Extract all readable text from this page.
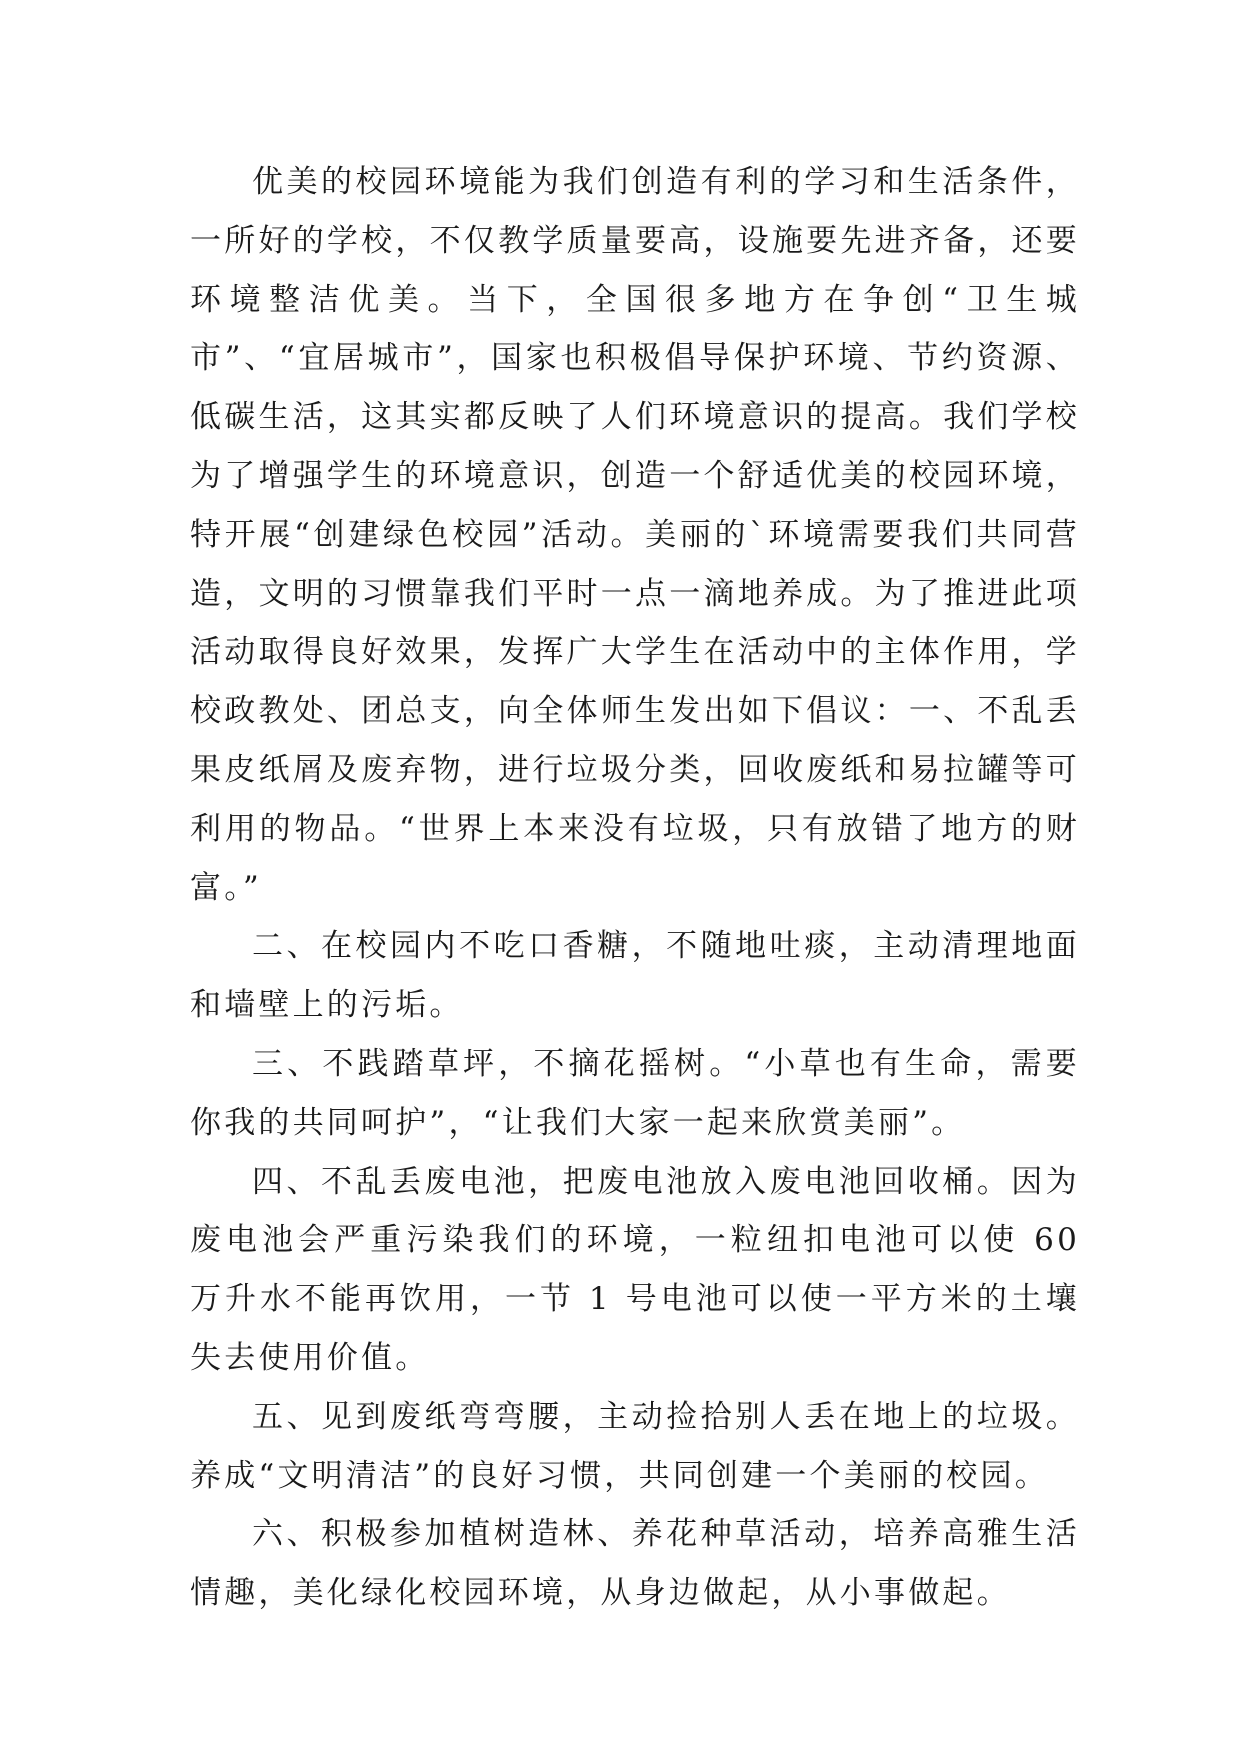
优美的校园环境能为我们创造有利的学习和生活条件，一所好的学校，不仅教学质量要高，设施要先进齐备，还要环境整洁优美。当下，全国很多地方在争创“卫生城市”、“宜居城市”，国家也积极倡导保护环境、节约资源、低碳生活，这其实都反映了人们环境意识的提高。我们学校为了增强学生的环境意识，创造一个舒适优美的校园环境，特开展“创建绿色校园”活动。美丽的`环境需要我们共同营造，文明的习惯靠我们平时一点一滴地养成。为了推进此项活动取得良好效果，发挥广大学生在活动中的主体作用，学校政教处、团总支，向全体师生发出如下倡议：一、不乱丢果皮纸屑及废弃物，进行垃圾分类，回收废纸和易拉罐等可利用的物品。“世界上本来没有垃圾，只有放错了地方的财富。”

二、在校园内不吃口香糖，不随地吐痰，主动清理地面和墙壁上的污垢。

三、不践踏草坪，不摘花摇树。“小草也有生命，需要你我的共同呵护”，“让我们大家一起来欣赏美丽”。

四、不乱丢废电池，把废电池放入废电池回收桶。因为废电池会严重污染我们的环境，一粒纽扣电池可以使 60 万升水不能再饮用，一节 1 号电池可以使一平方米的土壤失去使用价值。

五、见到废纸弯弯腰，主动捡拾别人丢在地上的垃圾。养成“文明清洁”的良好习惯，共同创建一个美丽的校园。

六、积极参加植树造林、养花种草活动，培养高雅生活情趣，美化绿化校园环境，从身边做起，从小事做起。
